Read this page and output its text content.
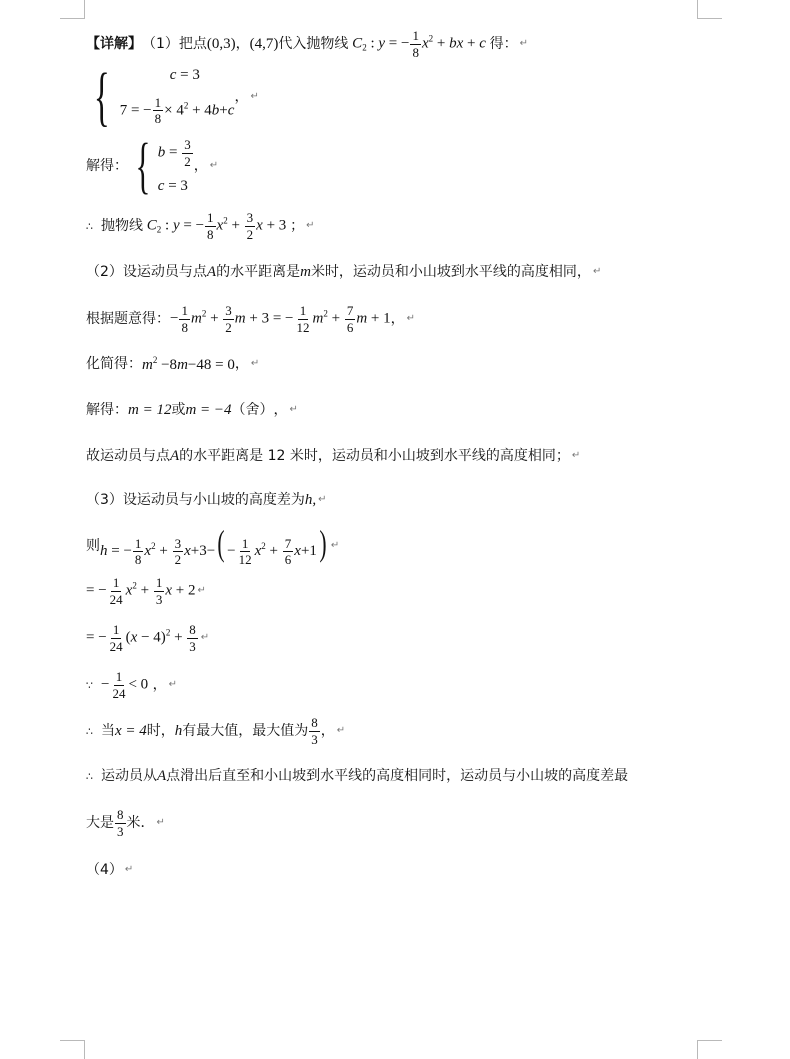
【详解】 （1） 把点 (0,3) ， (4,7) 代入抛物线 $C_2$ : y = − $\frac{1}{8} x^2$ + bx + c 得： ↵
{	c = 3
7 = − $\frac{1}{8} \times 4^2 + 4b+c$
， ↵
解得： { $b = \frac{3}{2}$
c = 3
， ↵
∴ 抛物线 $C_2$ : y = − $\frac{1}{8} x^2 + \frac{3}{2}$ x + 3 ； ↵
（2）设运动员与点 A 的水平距离是 m 米时，运动员和小山坡到水平线的高度相同， ↵
根据题意得： − $\frac{1}{8} m^2 + \frac{3}{2}$ m + 3 = − $\frac{1}{12} m^2 + \frac{7}{6}$ m + 1 ， ↵
化简得： $m^2 -8m-48 = 0$ ， ↵
解得： m = 12 或 m = −4 （舍） ， ↵
故运动员与点 A 的水平距离是 12 米时，运动员和小山坡到水平线的高度相同； ↵
（3）设运动员与小山坡的高度差为 h, ↵
则 h = − $\frac{1}{8} x^2 + \frac{3}{2} x+3-( - \frac{1}{12} x^2 + \frac{7}{6} x+1)$ ↵
= − $\frac{1}{24} x^2 + \frac{1}{3}$ x + 2 ↵
= − $\frac{1}{24} (x - 4)^2 + \frac{8}{3}$ ↵
∵ − $\frac{1}{24} < 0$ ， ↵
∴ 当 x = 4 时， h 有最大值，最大值为 $\frac{8}{3}$ ， ↵
∴ 运动员从 A 点滑出后直至和小山坡到水平线的高度相同时，运动员与小山坡的高度差最
大是 $\frac{8}{3}$ 米． ↵
（4） ↵
